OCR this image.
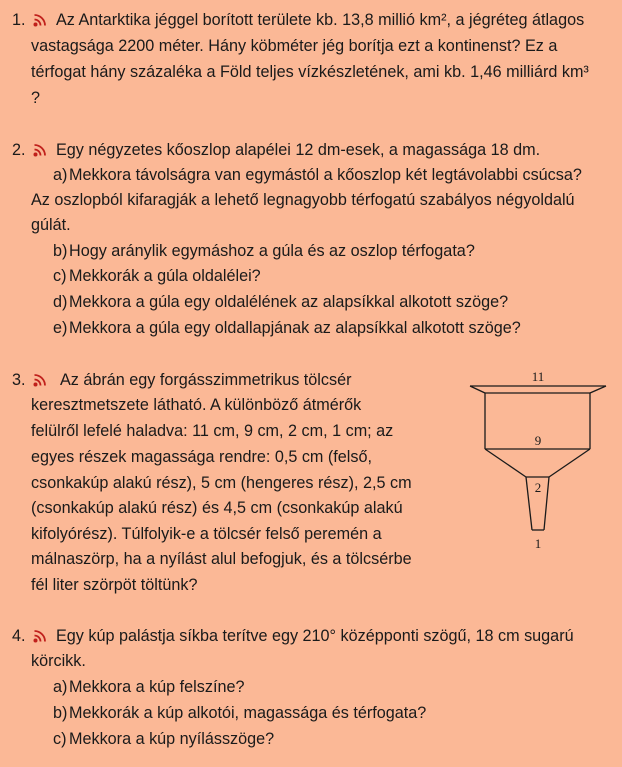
1. Az Antarktika jéggel borított területe kb. 13,8 millió km², a jégréteg átlagos
vastagsága 2200 méter. Hány köbméter jég borítja ezt a kontinenst? Ez a
térfogat hány százaléka a Föld teljes vízkészletének, ami kb. 1,46 milliárd km³
?
2. Egy négyzetes kőoszlop alapélei 12 dm-esek, a magassága 18 dm.
a)Mekkora távolságra van egymástól a kőoszlop két legtávolabbi csúcsa?
Az oszlopból kifaragják a lehető legnagyobb térfogatú szabályos négyoldalú
gúlát.
b)Hogy aránylik egymáshoz a gúla és az oszlop térfogata?
c) Mekkorák a gúla oldalélei?
d)Mekkora a gúla egy oldalélének az alapsíkkal alkotott szöge?
e)Mekkora a gúla egy oldallapjának az alapsíkkal alkotott szöge?
3. Az ábrán egy forgásszimmetrikus tölcsér
keresztmetszete látható. A különböző átmérők
felülről lefelé haladva: 11 cm, 9 cm, 2 cm, 1 cm; az
egyes részek magassága rendre: 0,5 cm (felső,
csonkakúp alakú rész), 5 cm (hengeres rész), 2,5 cm
(csonkakúp alakú rész) és 4,5 cm (csonkakúp alakú
kifolyórész). Túlfolyik-e a tölcsér felső peremén a
málnaszörp, ha a nyílást alul befogjuk, és a tölcsérbe
fél liter szörpöt töltünk?
11
9
2
1
4. Egy kúp palástja síkba terítve egy 210° középponti szögű, 18 cm sugarú
körcikk.
a)Mekkora a kúp felszíne?
b)Mekkorák a kúp alkotói, magassága és térfogata?
c) Mekkora a kúp nyílásszöge?
